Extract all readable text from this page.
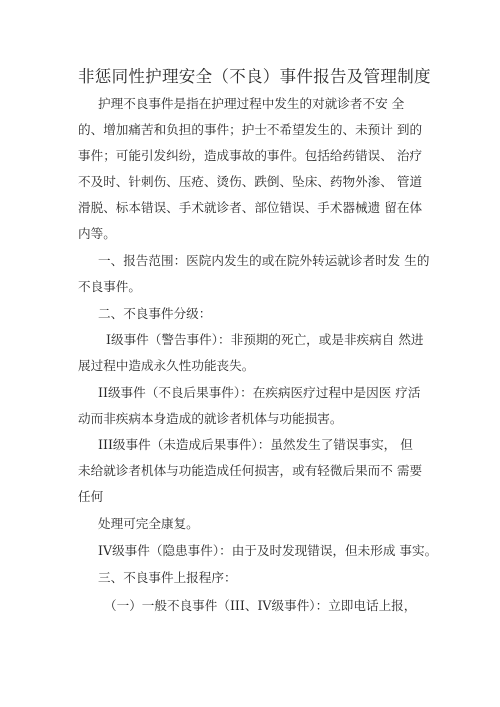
非惩同性护理安全（不良）事件报告及管理制度
护理不良事件是指在护理过程中发生的对就诊者不安 全
的、增加痛苦和负担的事件；护士不希望发生的、未预计 到的
事件；可能引发纠纷，造成事故的事件。包括给药错误、 治疗
不及时、针刺伤、压疮、烫伤、跌倒、坠床、药物外渗、 管道
滑脱、标本错误、手术就诊者、部位错误、手术器械遗 留在体
内等。
一、报告范围：医院内发生的或在院外转运就诊者时发 生的
不良事件。
二、不良事件分级：
I级事件（警告事件）：非预期的死亡，或是非疾病自 然进
展过程中造成永久性功能丧失。
II级事件（不良后果事件）：在疾病医疗过程中是因医 疗活
动而非疾病本身造成的就诊者机体与功能损害。
III级事件（未造成后果事件）：虽然发生了错误事实， 但
未给就诊者机体与功能造成任何损害，或有轻微后果而不 需要
任何
处理可完全康复。
IV级事件（隐患事件）：由于及时发现错误，但未形成 事实。
三、不良事件上报程序：
（一）一般不良事件（III、IV级事件）：立即电话上报，
